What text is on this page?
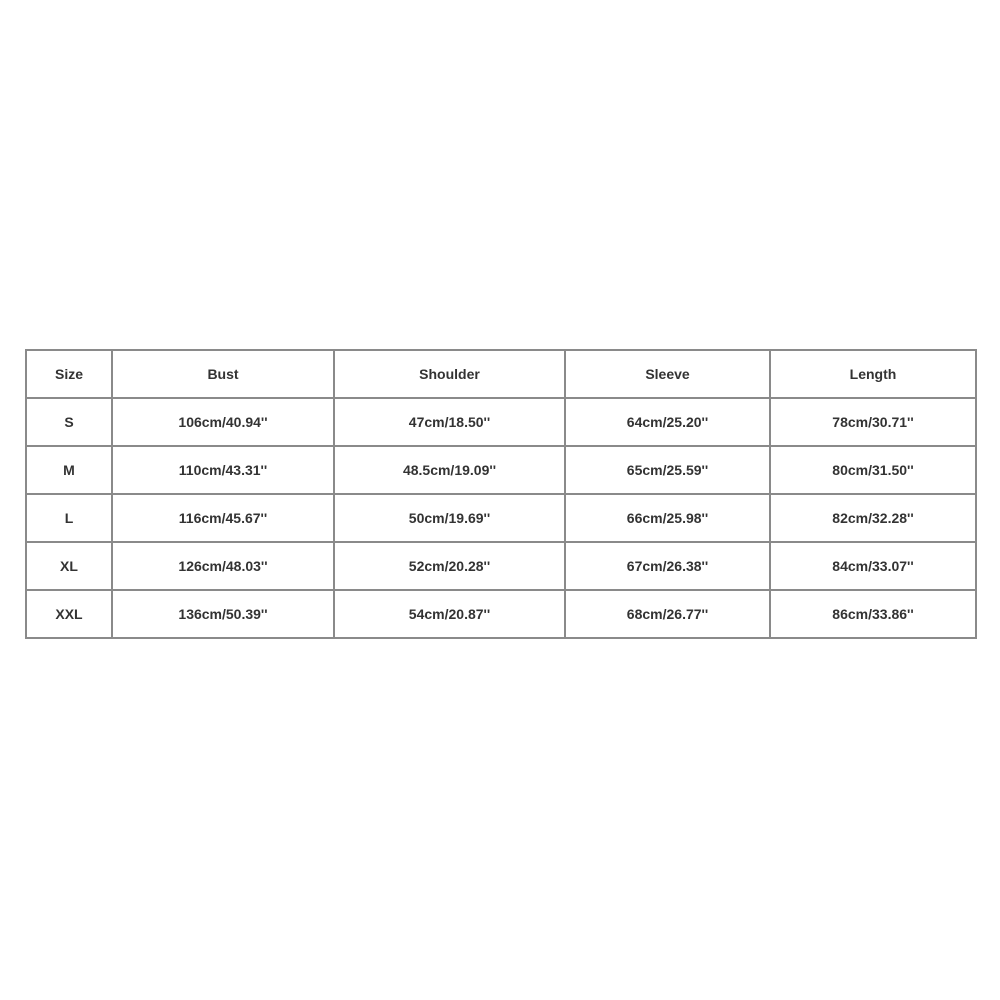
Size	Bust	Shoulder	Sleeve	Length
S	106cm/40.94''	47cm/18.50''	64cm/25.20''	78cm/30.71''
M	110cm/43.31''	48.5cm/19.09''	65cm/25.59''	80cm/31.50''
L	116cm/45.67''	50cm/19.69''	66cm/25.98''	82cm/32.28''
XL	126cm/48.03''	52cm/20.28''	67cm/26.38''	84cm/33.07''
XXL	136cm/50.39''	54cm/20.87''	68cm/26.77''	86cm/33.86''
